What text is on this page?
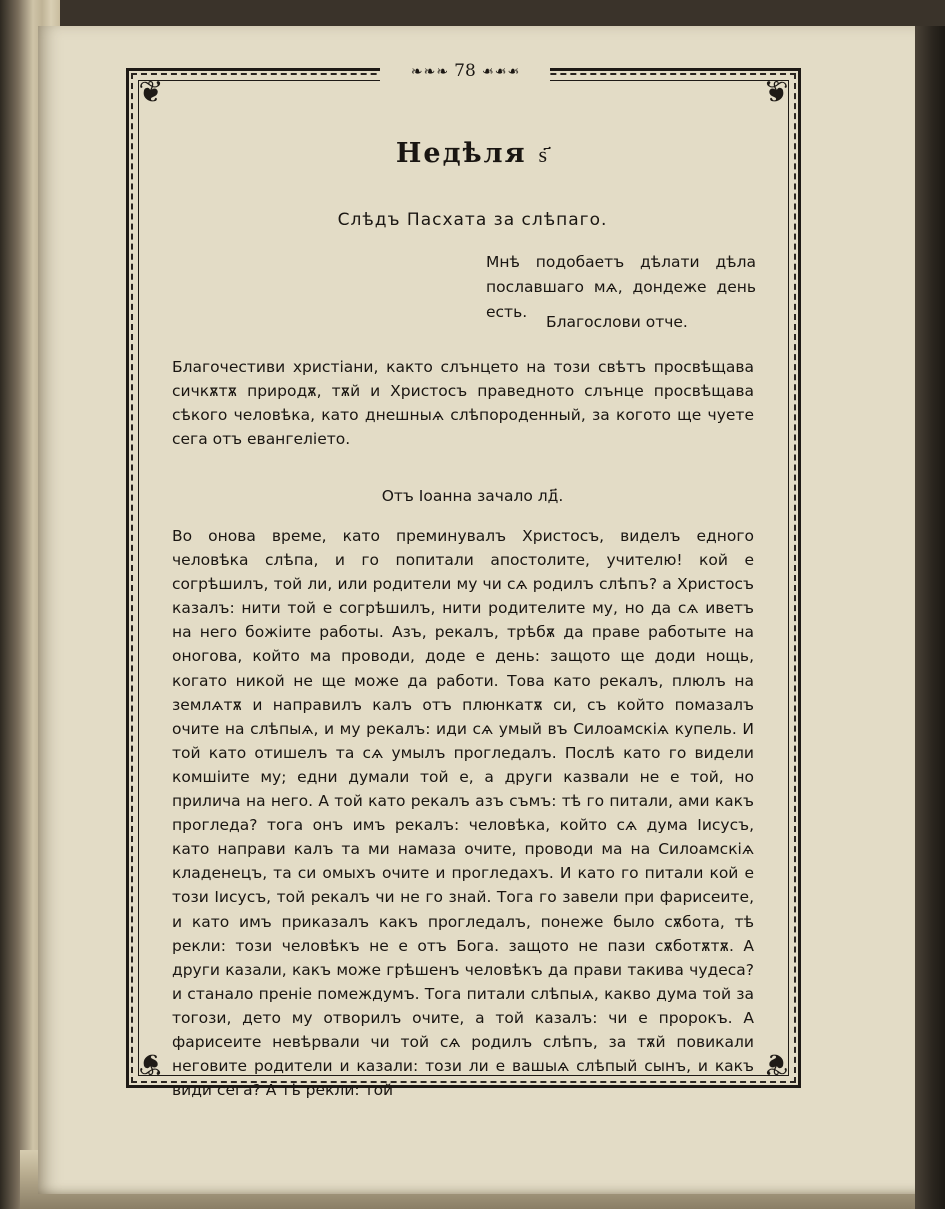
❦	❦
❦	❦
❧❧❧ 78 ❧❧❧
Недѣля ѕ҃
Слѣдъ Пасхата за слѣпаго.
Мнѣ подобаетъ дѣлати дѣла пославшаго мѧ, дондеже день есть.
Благослови отче.
Благочестиви христіани, както слънцето на този свѣтъ просвѣщава сичкѫтѫ природѫ, тѫй и Христосъ праведното слънце просвѣщава сѣкого человѣка, като днешныѧ слѣпороденный, за когото ще чуете сега отъ евангеліето.
Отъ Іоанна зачало лд҃.
Во онова време, като преминувалъ Христосъ, виделъ едного человѣка слѣпа, и го попитали апостолите, учителю! кой е согрѣшилъ, той ли, или родители му чи сѧ родилъ слѣпъ? а Христосъ казалъ: нити той е согрѣшилъ, нити родителите му, но да сѧ иветъ на него божіите работы. Азъ, рекалъ, трѣбѫ да праве работыте на оногова, който ма проводи, доде е день: защото ще доди нощь, когато никой не ще може да работи. Това като рекалъ, плюлъ на землѧтѫ и направилъ калъ отъ плюнкатѫ си, съ който помазалъ очите на слѣпыѧ, и му рекалъ: иди сѧ умый въ Силоамскіѧ купель. И той като отишелъ та сѧ умылъ прогледалъ. Послѣ като го видели комшіите му; едни думали той е, а други казвали не е той, но прилича на него. А той като рекалъ азъ съмъ: тѣ го питали, ами какъ прогледа? тога онъ имъ рекалъ: человѣка, който сѧ дума Іисусъ, като направи калъ та ми намаза очите, проводи ма на Силоамскіѧ кладенецъ, та си омыхъ очите и прогледахъ. И като го питали кой е този Іисусъ, той рекалъ чи не го знай. Тога го завели при фарисеите, и като имъ приказалъ какъ прогледалъ, понеже было сѫбота, тѣ рекли: този человѣкъ не е отъ Бога. защото не пази сѫботѫтѫ. А други казали, какъ може грѣшенъ человѣкъ да прави такива чудеса? и станало преніе помеждумъ. Тога питали слѣпыѧ, какво дума той за тогози, дето му отворилъ очите, а той казалъ: чи е пророкъ. А фарисеите невѣрвали чи той сѧ родилъ слѣпъ, за тѫй повикали неговите родители и казали: този ли е вашыѧ слѣпый сынъ, и какъ види сега? А тѣ рекли: той
